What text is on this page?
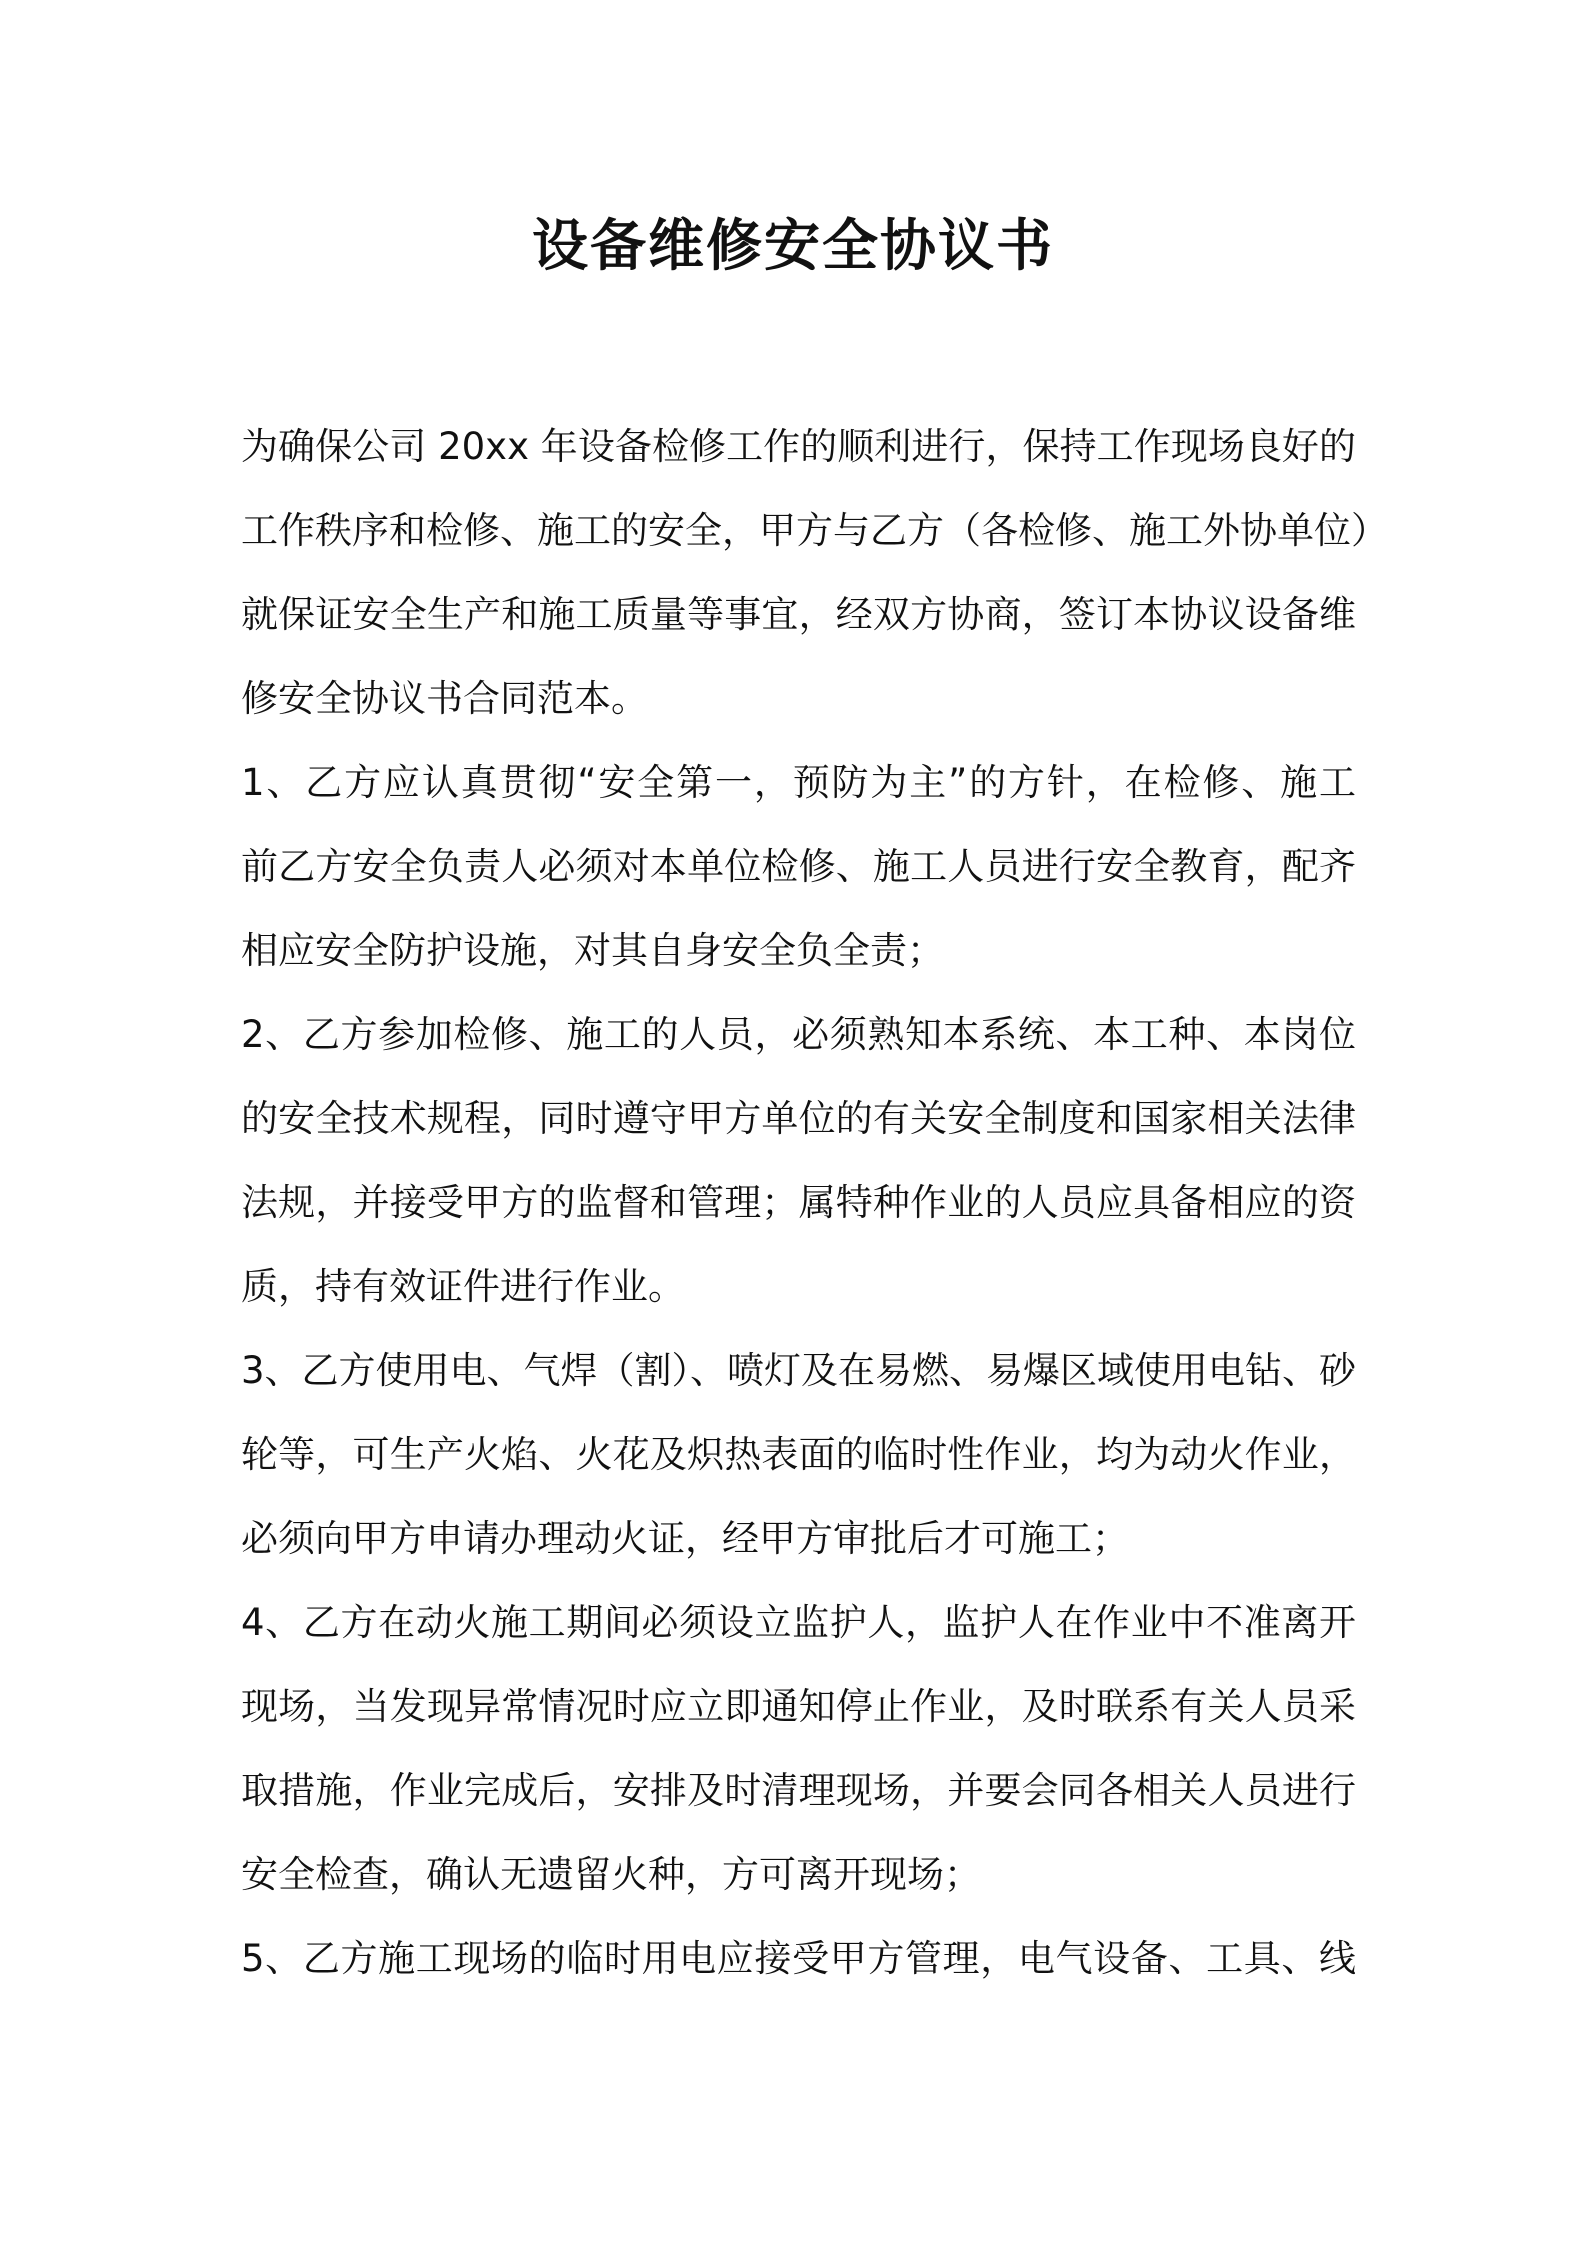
设备维修安全协议书
为确保公司 20xx 年设备检修工作的顺利进行，保持工作现场良好的
工作秩序和检修、施工的安全，甲方与乙方（各检修、施工外协单位）
就保证安全生产和施工质量等事宜，经双方协商，签订本协议设备维
修安全协议书合同范本。
1、乙方应认真贯彻“安全第一，预防为主”的方针，在检修、施工
前乙方安全负责人必须对本单位检修、施工人员进行安全教育，配齐
相应安全防护设施，对其自身安全负全责；
2、乙方参加检修、施工的人员，必须熟知本系统、本工种、本岗位
的安全技术规程，同时遵守甲方单位的有关安全制度和国家相关法律
法规，并接受甲方的监督和管理；属特种作业的人员应具备相应的资
质，持有效证件进行作业。
3、乙方使用电、气焊（割）、喷灯及在易燃、易爆区域使用电钻、砂
轮等，可生产火焰、火花及炽热表面的临时性作业，均为动火作业，
必须向甲方申请办理动火证，经甲方审批后才可施工；
4、乙方在动火施工期间必须设立监护人，监护人在作业中不准离开
现场，当发现异常情况时应立即通知停止作业，及时联系有关人员采
取措施，作业完成后，安排及时清理现场，并要会同各相关人员进行
安全检查，确认无遗留火种，方可离开现场；
5、乙方施工现场的临时用电应接受甲方管理，电气设备、工具、线
